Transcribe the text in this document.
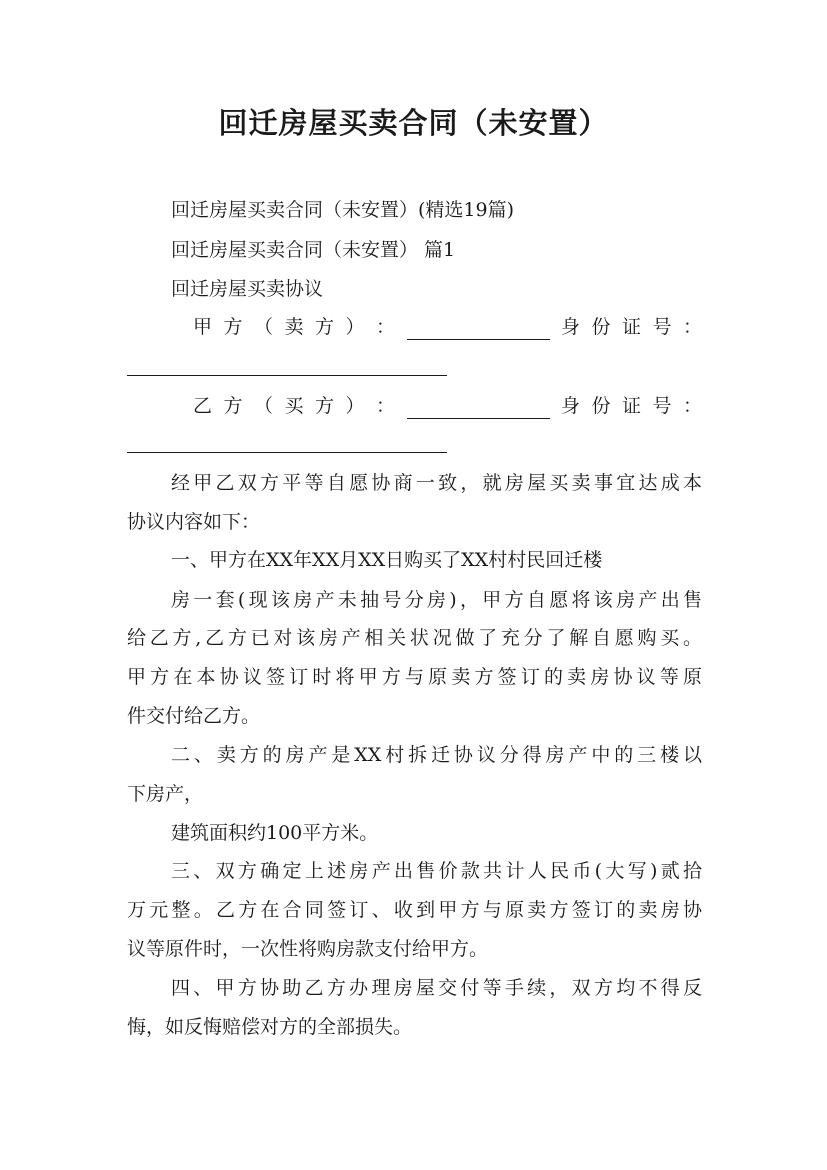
回迁房屋买卖合同（未安置）

回迁房屋买卖合同（未安置）(精选19篇)

回迁房屋买卖合同（未安置） 篇1

回迁房屋买卖协议

甲 方 （ 卖 方 ） ：	身 份 证 号 ：
乙 方 （ 买 方 ） ：	身 份 证 号 ：

经甲乙双方平等自愿协商一致，就房屋买卖事宜达成本

协议内容如下：

一、甲方在XX年XX月XX日购买了XX村村民回迁楼

房一套(现该房产未抽号分房)，甲方自愿将该房产出售

给乙方,乙方已对该房产相关状况做了充分了解自愿购买。

甲方在本协议签订时将甲方与原卖方签订的卖房协议等原

件交付给乙方。

二、卖方的房产是XX村拆迁协议分得房产中的三楼以

下房产，

建筑面积约100平方米。

三、双方确定上述房产出售价款共计人民币(大写)贰拾

万元整。乙方在合同签订、收到甲方与原卖方签订的卖房协

议等原件时，一次性将购房款支付给甲方。

四、甲方协助乙方办理房屋交付等手续，双方均不得反

悔，如反悔赔偿对方的全部损失。
